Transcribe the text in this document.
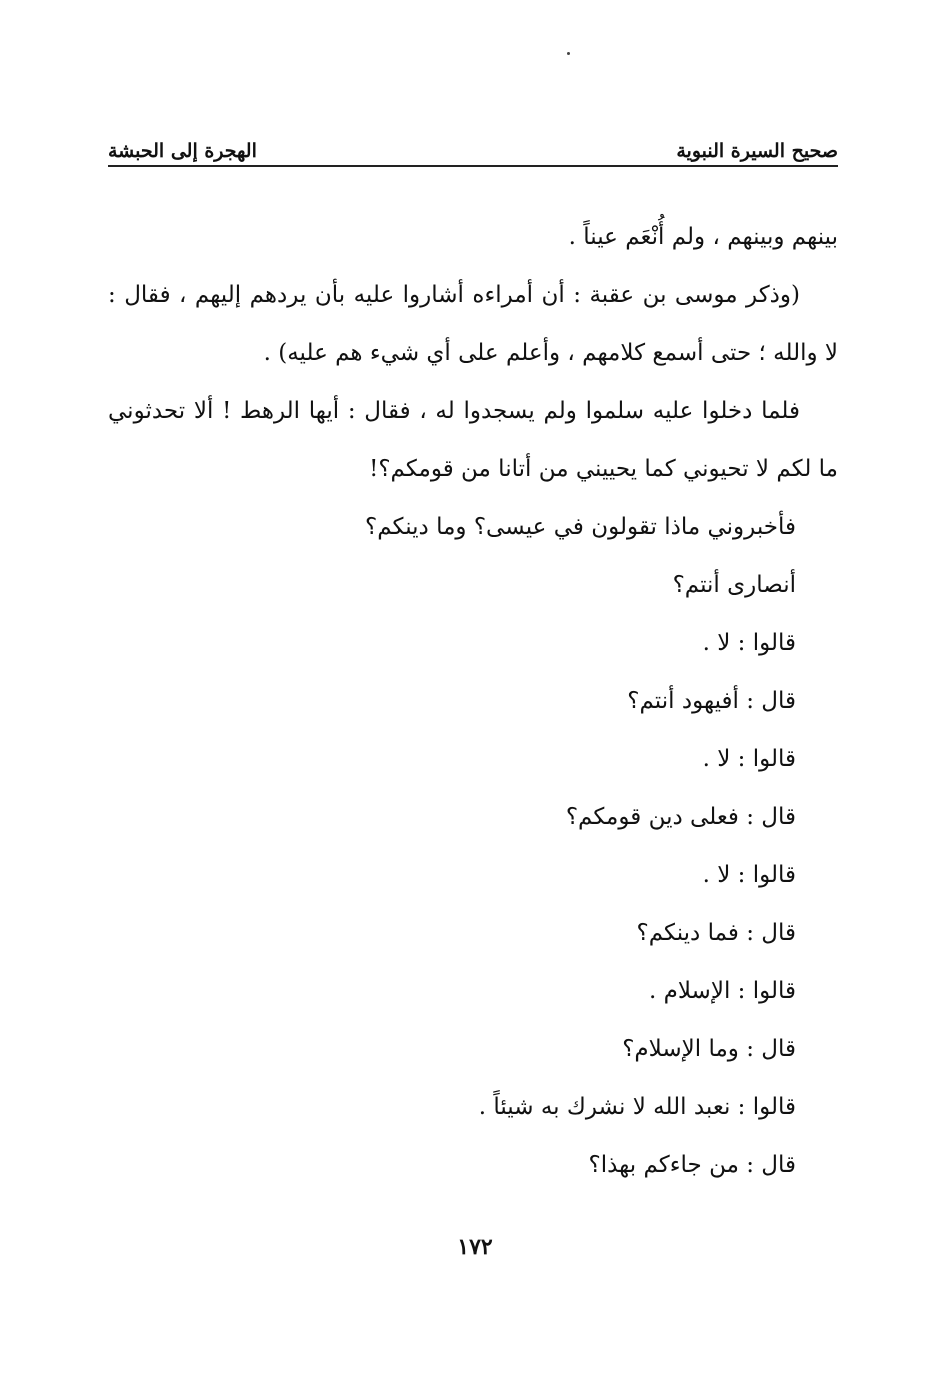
صحيح السيرة النبوية
الهجرة إلى الحبشة

بينهم وبينهم ، ولم أُنْعَم عيناً .

(وذكر موسى بن عقبة : أن أمراءه أشاروا عليه بأن يردهم إليهم ، فقال : لا والله ؛ حتى أسمع كلامهم ، وأعلم على أي شيء هم عليه) .

فلما دخلوا عليه سلموا ولم يسجدوا له ، فقال : أيها الرهط ! ألا تحدثوني ما لكم لا تحيوني كما يحييني من أتانا من قومكم؟!

فأخبروني ماذا تقولون في عيسى؟ وما دينكم؟
أنصارى أنتم؟
قالوا : لا .
قال : أفيهود أنتم؟
قالوا : لا .
قال : فعلى دين قومكم؟
قالوا : لا .
قال : فما دينكم؟
قالوا : الإسلام .
قال : وما الإسلام؟
قالوا : نعبد الله لا نشرك به شيئاً .
قال : من جاءكم بهذا؟
١٧٢
